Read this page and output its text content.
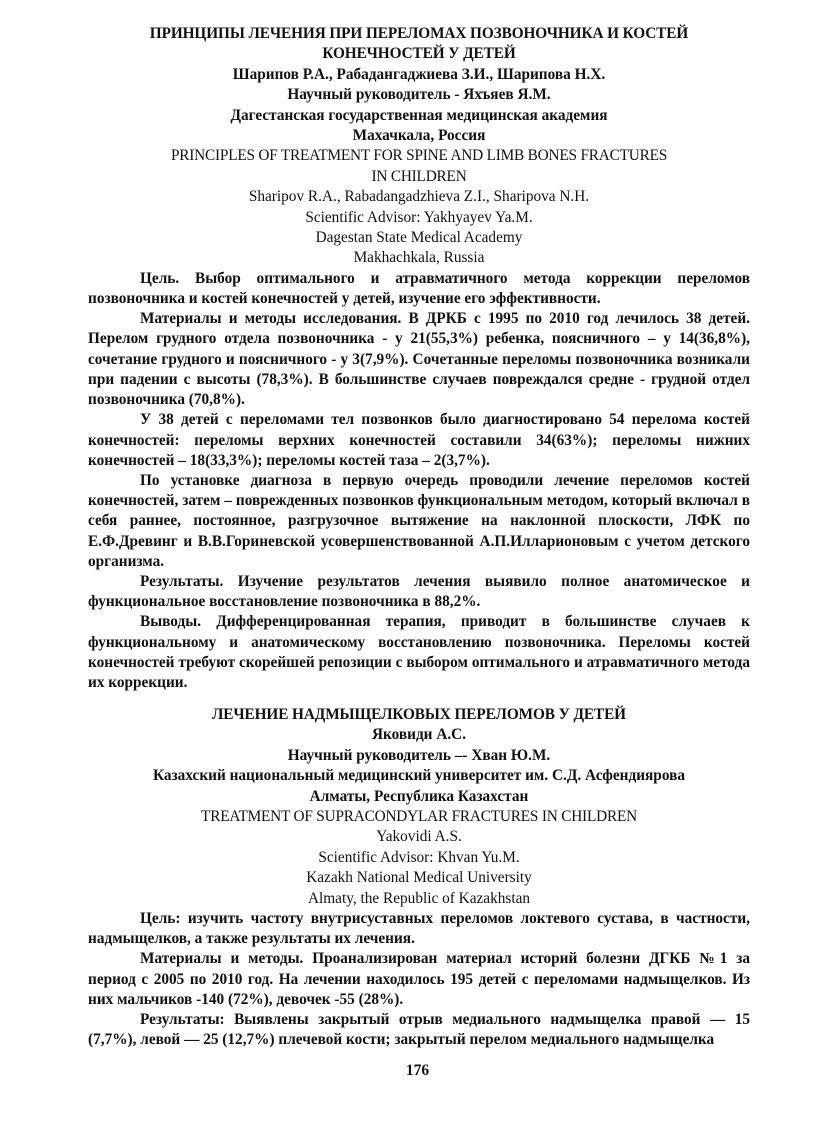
ПРИНЦИПЫ ЛЕЧЕНИЯ ПРИ ПЕРЕЛОМАХ ПОЗВОНОЧНИКА И КОСТЕЙ
КОНЕЧНОСТЕЙ У ДЕТЕЙ
Шарипов Р.А., Рабадангаджиева З.И., Шарипова Н.Х.
Научный руководитель - Яхъяев Я.М.
Дагестанская государственная медицинская академия
Махачкала, Россия
PRINCIPLES OF TREATMENT FOR SPINE AND LIMB BONES FRACTURES
IN CHILDREN
Sharipov R.A., Rabadangadzhieva Z.I., Sharipova N.H.
Scientific Advisor: Yakhyayev Ya.M.
Dagestan State Medical Academy
Makhachkala, Russia

Цель. Выбор оптимального и атравматичного метода коррекции переломов позвоночника и костей конечностей у детей, изучение его эффективности.

Материалы и методы исследования. В ДРКБ с 1995 по 2010 год лечилось 38 детей. Перелом грудного отдела позвоночника - у 21(55,3%) ребенка, поясничного – у 14(36,8%), сочетание грудного и поясничного - у 3(7,9%). Сочетанные переломы позвоночника возникали при падении с высоты (78,3%). В большинстве случаев повреждался средне - грудной отдел позвоночника (70,8%).

У 38 детей с переломами тел позвонков было диагностировано 54 перелома костей конечностей: переломы верхних конечностей составили 34(63%); переломы нижних конечностей – 18(33,3%); переломы костей таза – 2(3,7%).

По установке диагноза в первую очередь проводили лечение переломов костей конечностей, затем – поврежденных позвонков функциональным методом, который включал в себя раннее, постоянное, разгрузочное вытяжение на наклонной плоскости, ЛФК по Е.Ф.Древинг и В.В.Гориневской усовершенствованной А.П.Илларионовым с учетом детского организма.

Результаты. Изучение результатов лечения выявило полное анатомическое и функциональное восстановление позвоночника в 88,2%.

Выводы. Дифференцированная терапия, приводит в большинстве случаев к функциональному и анатомическому восстановлению позвоночника. Переломы костей конечностей требуют скорейшей репозиции с выбором оптимального и атравматичного метода их коррекции.

ЛЕЧЕНИЕ НАДМЫЩЕЛКОВЫХ ПЕРЕЛОМОВ У ДЕТЕЙ
Яковиди А.С.
Научный руководитель –- Хван Ю.М.
Казахский национальный медицинский университет им. С.Д. Асфендиярова
Алматы, Республика Казахстан
TREATMENT OF SUPRACONDYLAR FRACTURES IN CHILDREN
Yakovidi A.S.
Scientific Advisor: Khvan Yu.M.
Kazakh National Medical University
Almaty, the Republic of Kazakhstan

Цель: изучить частоту внутрисуставных переломов локтевого сустава, в частности, надмыщелков, а также результаты их лечения.

Материалы и методы. Проанализирован материал историй болезни ДГКБ №1 за период с 2005 по 2010 год. На лечении находилось 195 детей с переломами надмыщелков. Из них мальчиков -140 (72%), девочек -55 (28%).

Результаты: Выявлены закрытый отрыв медиального надмыщелка правой — 15 (7,7%), левой — 25 (12,7%) плечевой кости; закрытый перелом медиального надмыщелка

176
